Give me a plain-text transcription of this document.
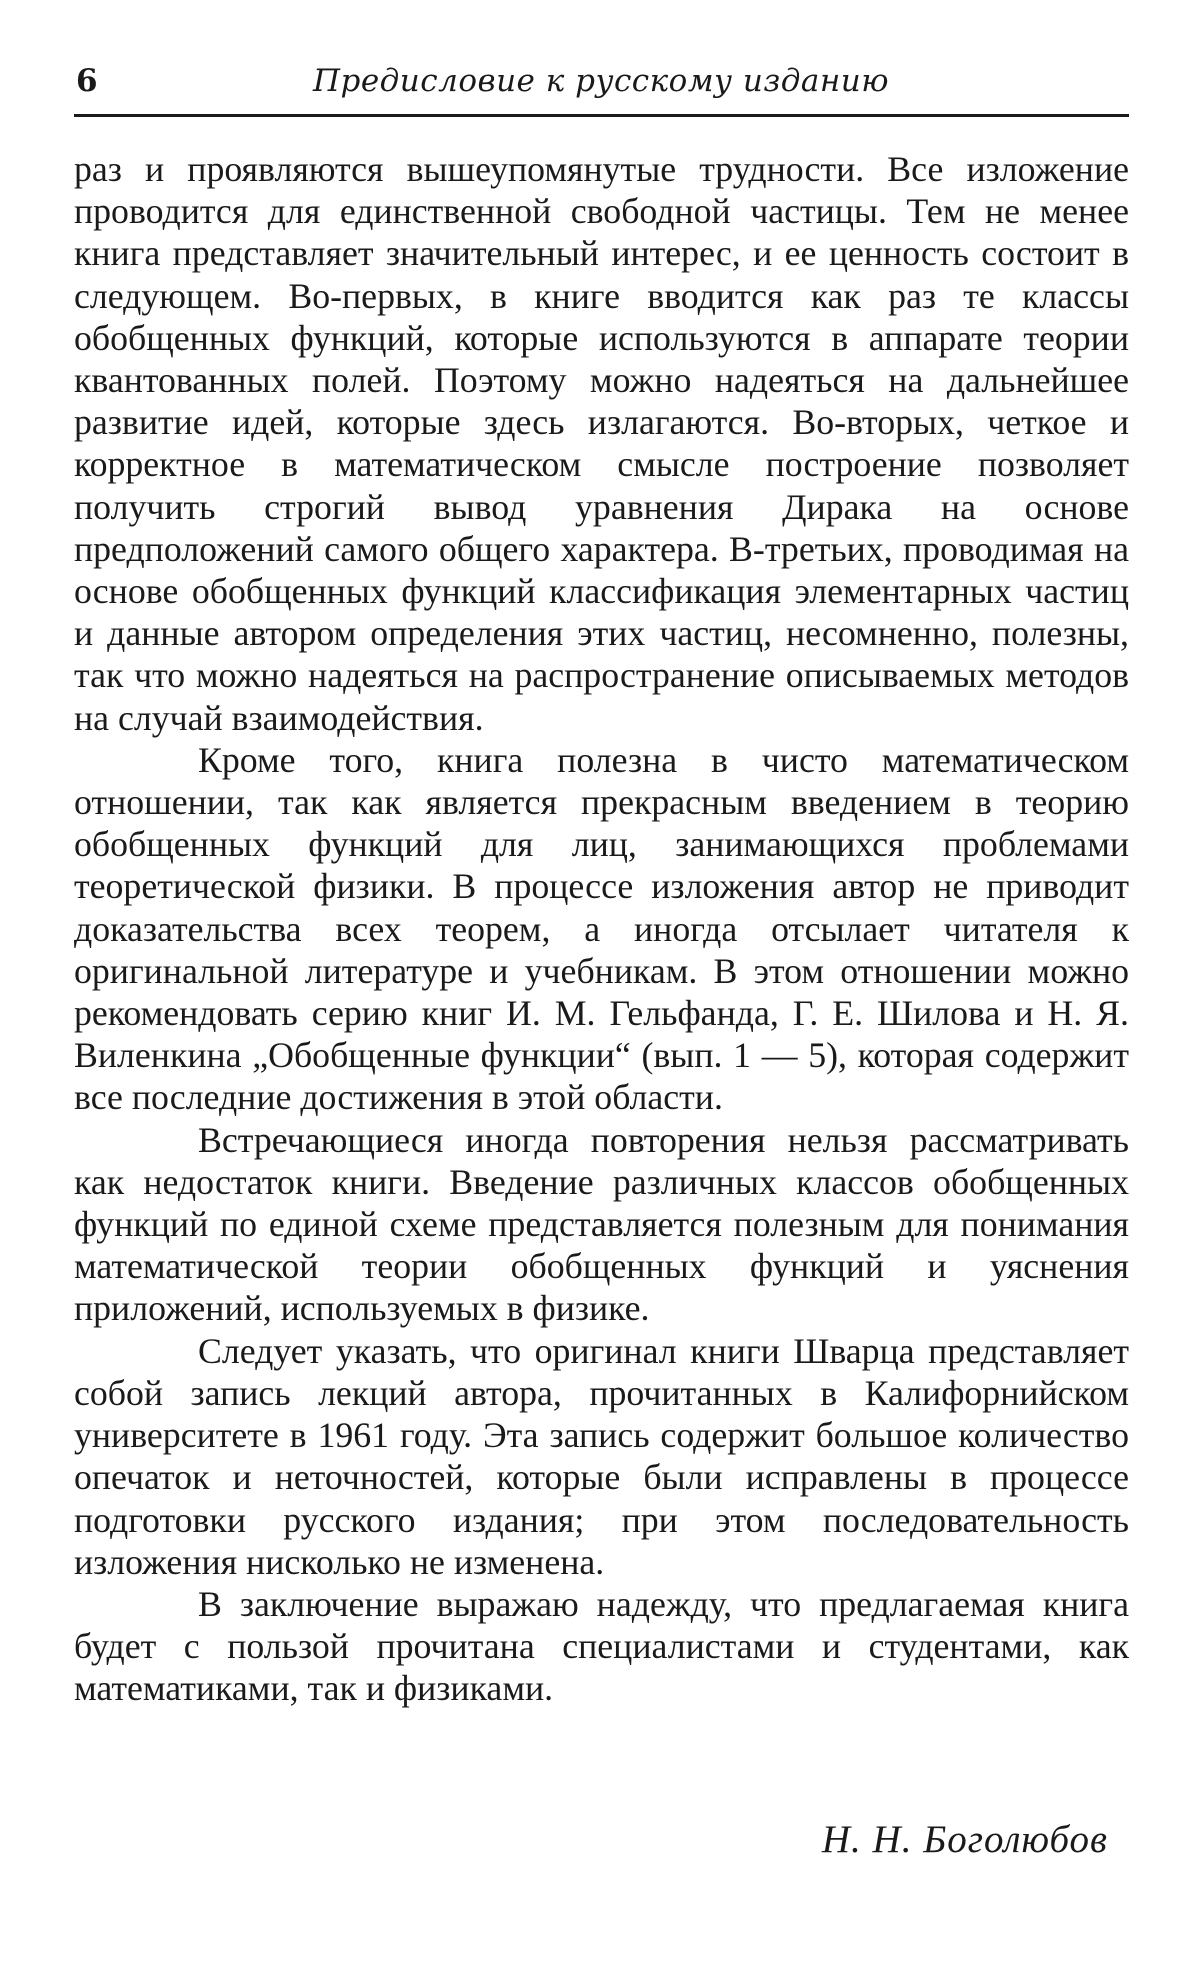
6	Предисловие к русскому изданию

раз и проявляются вышеупомянутые трудности. Все изложение проводится для единственной свободной частицы. Тем не менее книга представляет значительный интерес, и ее ценность состоит в следующем. Во-первых, в книге вводится как раз те классы обобщенных функций, которые используются в аппарате теории квантованных полей. Поэтому можно надеяться на дальнейшее развитие идей, которые здесь излагаются. Во-вторых, четкое и корректное в математическом смысле построение позволяет получить строгий вывод уравнения Дирака на основе предположений самого общего характера. В-третьих, проводимая на основе обобщенных функций классификация элементарных частиц и данные автором определения этих частиц, несомненно, полезны, так что можно надеяться на распространение описываемых методов на случай взаимодействия.

Кроме того, книга полезна в чисто математическом отношении, так как является прекрасным введением в теорию обобщенных функций для лиц, занимающихся проблемами теоретической физики. В процессе изложения автор не приводит доказательства всех теорем, а иногда отсылает читателя к оригинальной литературе и учебникам. В этом отношении можно рекомендовать серию книг И. М. Гельфанда, Г. Е. Шилова и Н. Я. Виленкина „Обобщенные функции“ (вып. 1 — 5), которая содержит все последние достижения в этой области.

Встречающиеся иногда повторения нельзя рассматривать как недостаток книги. Введение различных классов обобщенных функций по единой схеме представляется полезным для понимания математической теории обобщенных функций и уяснения приложений, используемых в физике.

Следует указать, что оригинал книги Шварца представляет собой запись лекций автора, прочитанных в Калифорнийском университете в 1961 году. Эта запись содержит большое количество опечаток и неточностей, которые были исправлены в процессе подготовки русского издания; при этом последовательность изложения нисколько не изменена.

В заключение выражаю надежду, что предлагаемая книга будет с пользой прочитана специалистами и студентами, как математиками, так и физиками.

Н. Н. Боголюбов
